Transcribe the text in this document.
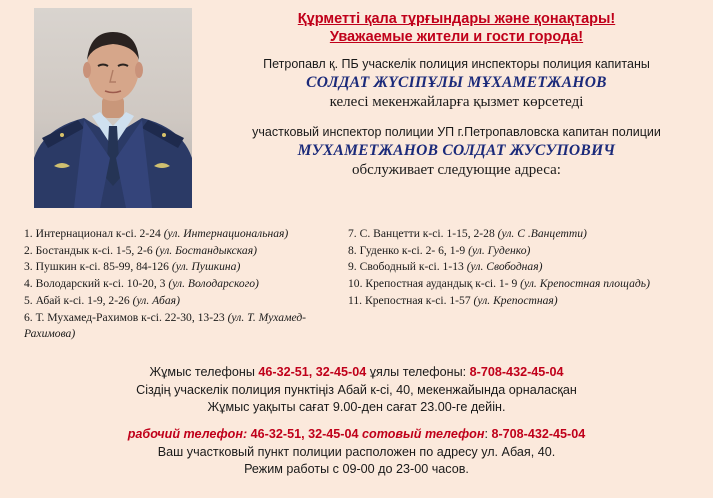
Құрметті қала тұрғындары және қонақтары!
Уважаемые жители и гости города!
Петропавл қ. ПБ учаскелік полиция инспекторы полиция капитаны
СОЛДАТ ЖҮСІПҰЛЫ МҰХАМЕТЖАНОВ
келесі мекенжайларға қызмет көрсетеді
участковый инспектор полиции УП г.Петропавловска капитан полиции
МУХАМЕТЖАНОВ СОЛДАТ ЖУСУПОВИЧ
обслуживает следующие адреса:
1. Интернационал к-сі. 2-24 (ул. Интернациональная)
2. Бостандык к-сі. 1-5, 2-6 (ул. Бостандыкская)
3. Пушкин к-сі. 85-99, 84-126 (ул. Пушкина)
4. Володарский к-сі. 10-20, 3 (ул. Володарского)
5. Абай к-сі. 1-9, 2-26 (ул. Абая)
6. Т. Мухамед-Рахимов к-сі. 22-30, 13-23 (ул. Т. Мухамед-Рахимова)
7. С. Ванцетти к-сі. 1-15, 2-28 (ул. С .Ванцетти)
8. Гуденко к-сі. 2- 6, 1-9 (ул. Гуденко)
9. Свободный к-сі. 1-13 (ул. Свободная)
10. Крепостная аудандық к-сі. 1- 9 (ул. Крепостная площадь)
11. Крепостная к-сі. 1-57 (ул. Крепостная)
Жұмыс телефоны 46-32-51, 32-45-04 ұялы телефоны: 8-708-432-45-04
Сіздің учаскелік полиция пунктіңіз Абай к-сі, 40, мекенжайында орналасқан
Жұмыс уақыты сағат 9.00-ден сағат 23.00-ге дейін.
рабочий телефон: 46-32-51, 32-45-04 сотовый телефон: 8-708-432-45-04
Ваш участковый пункт полиции расположен по адресу ул. Абая, 40.
Режим работы с 09-00 до 23-00 часов.
